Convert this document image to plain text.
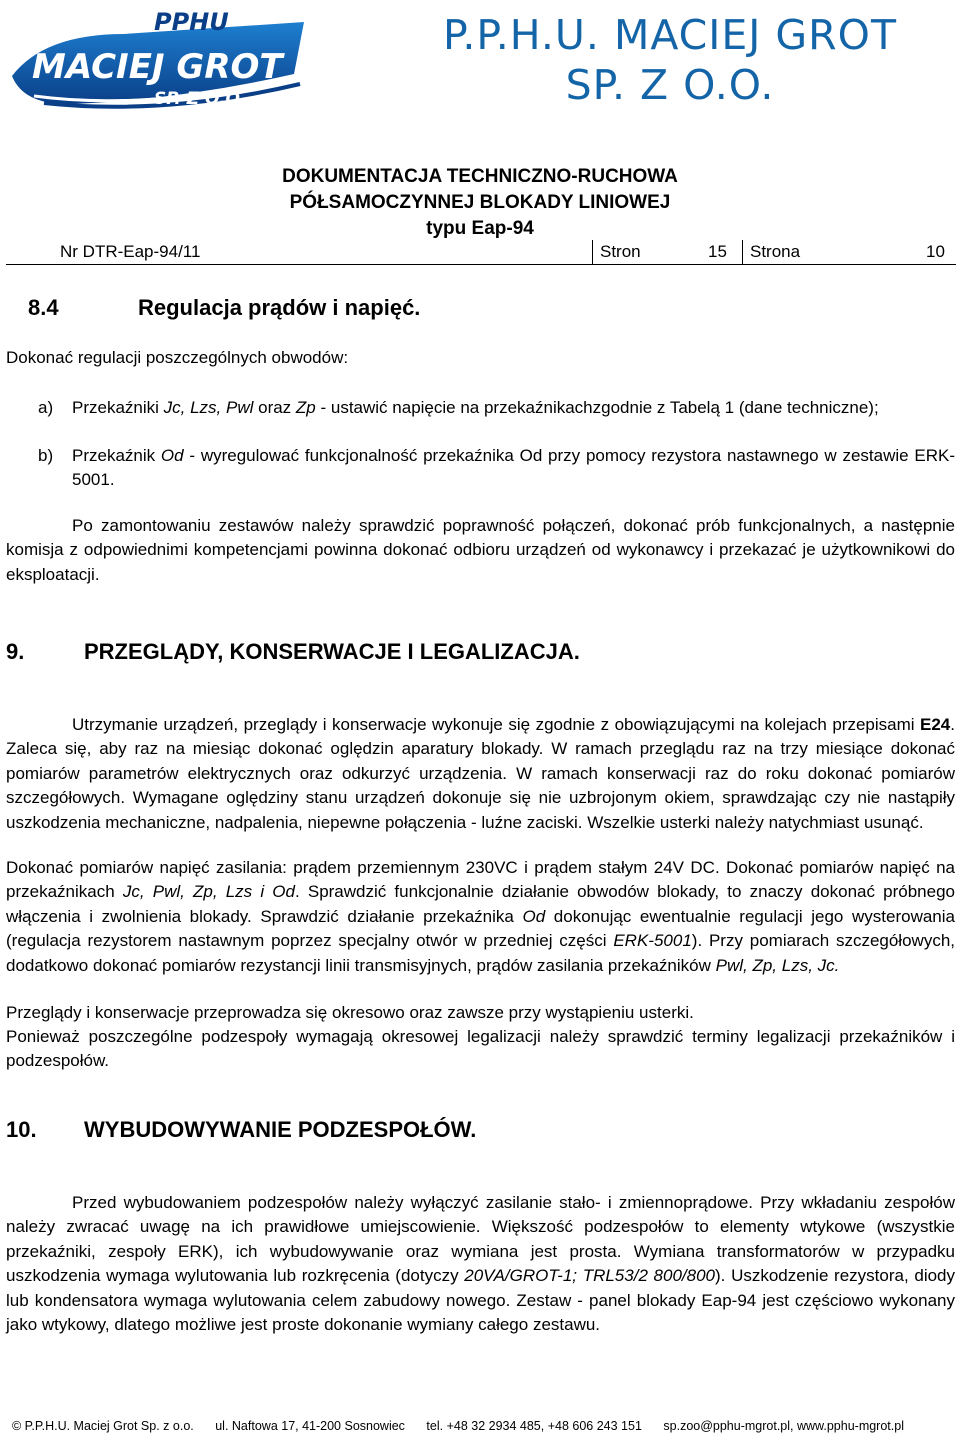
PPHU
MACIEJ GROT
SP. Z O.O.
P.P.H.U. MACIEJ GROT
SP. Z O.O.
DOKUMENTACJA TECHNICZNO-RUCHOWA
PÓŁSAMOCZYNNEJ BLOKADY LINIOWEJ
typu Eap-94
Nr DTR-Eap-94/11	Stron	15 Strona	10
8.4	Regulacja prądów i napięć.
Dokonać regulacji poszczególnych obwodów:
a) Przekaźniki Jc, Lzs, Pwl oraz Zp - ustawić napięcie na przekaźnikachzgodnie z Tabelą 1 (dane techniczne);
b) Przekaźnik Od - wyregulować funkcjonalność przekaźnika Od przy pomocy rezystora nastawnego w zestawie ERK-5001.
Po zamontowaniu zestawów należy sprawdzić poprawność połączeń, dokonać prób funkcjonalnych, a następnie komisja z odpowiednimi kompetencjami powinna dokonać odbioru urządzeń od wykonawcy i przekazać je użytkownikowi do eksploatacji.
9.	PRZEGLĄDY, KONSERWACJE I LEGALIZACJA.
Utrzymanie urządzeń, przeglądy i konserwacje wykonuje się zgodnie z obowiązującymi na kolejach przepisami E24. Zaleca się, aby raz na miesiąc dokonać oględzin aparatury blokady. W ramach przeglądu raz na trzy miesiące dokonać pomiarów parametrów elektrycznych oraz odkurzyć urządzenia. W ramach konserwacji raz do roku dokonać pomiarów szczegółowych. Wymagane oględziny stanu urządzeń dokonuje się nie uzbrojonym okiem, sprawdzając czy nie nastąpiły uszkodzenia mechaniczne, nadpalenia, niepewne połączenia - luźne zaciski. Wszelkie usterki należy natychmiast usunąć.
Dokonać pomiarów napięć zasilania: prądem przemiennym 230VC i prądem stałym 24V DC. Dokonać pomiarów napięć na przekaźnikach Jc, Pwl, Zp, Lzs i Od. Sprawdzić funkcjonalnie działanie obwodów blokady, to znaczy dokonać próbnego włączenia i zwolnienia blokady. Sprawdzić działanie przekaźnika Od dokonując ewentualnie regulacji jego wysterowania (regulacja rezystorem nastawnym poprzez specjalny otwór w przedniej części ERK-5001). Przy pomiarach szczegółowych, dodatkowo dokonać pomiarów rezystancji linii transmisyjnych, prądów zasilania przekaźników Pwl, Zp, Lzs, Jc.
Przeglądy i konserwacje przeprowadza się okresowo oraz zawsze przy wystąpieniu usterki.
Ponieważ poszczególne podzespoły wymagają okresowej legalizacji należy sprawdzić terminy legalizacji przekaźników i podzespołów.
10. WYBUDOWYWANIE PODZESPOŁÓW.
Przed wybudowaniem podzespołów należy wyłączyć zasilanie stało- i zmiennoprądowe. Przy wkładaniu zespołów należy zwracać uwagę na ich prawidłowe umiejscowienie. Większość podzespołów to elementy wtykowe (wszystkie przekaźniki, zespoły ERK), ich wybudowywanie oraz wymiana jest prosta. Wymiana transformatorów w przypadku uszkodzenia wymaga wylutowania lub rozkręcenia (dotyczy 20VA/GROT-1; TRL53/2 800/800). Uszkodzenie rezystora, diody lub kondensatora wymaga wylutowania celem zabudowy nowego. Zestaw - panel blokady Eap-94 jest częściowo wykonany jako wtykowy, dlatego możliwe jest proste dokonanie wymiany całego zestawu.
© P.P.H.U. Maciej Grot Sp. z o.o. ul. Naftowa 17, 41-200 Sosnowiec tel. +48 32 2934 485, +48 606 243 151 sp.zoo@pphu-mgrot.pl, www.pphu-mgrot.pl
